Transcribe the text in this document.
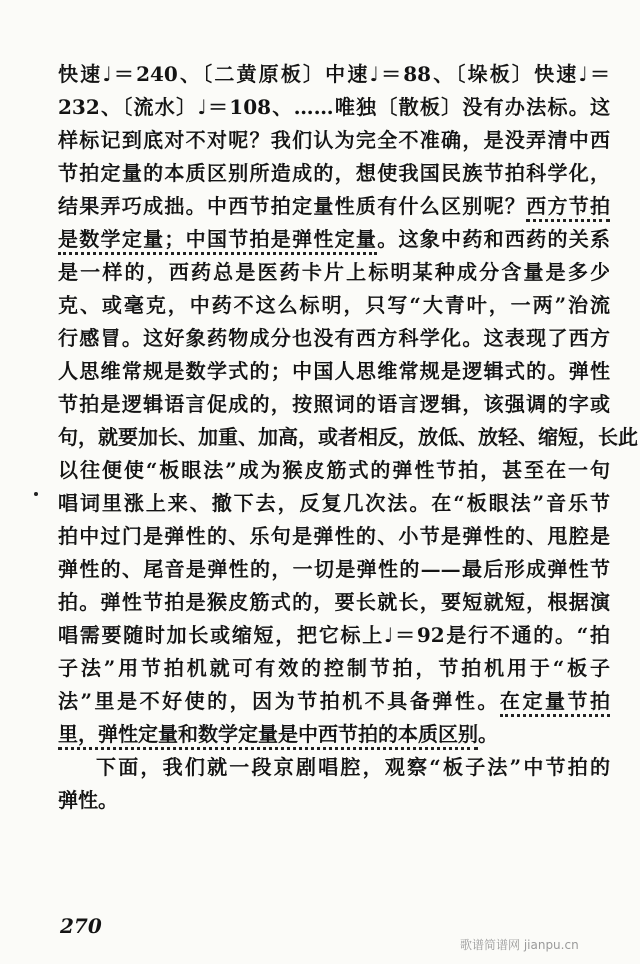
快速♩＝240、〔二黄原板〕中速♩＝88、〔垛板〕快速♩＝
232、〔流水〕♩＝108、……唯独〔散板〕没有办法标。这
样标记到底对不对呢？我们认为完全不准确，是没弄清中西
节拍定量的本质区别所造成的，想使我国民族节拍科学化，
结果弄巧成拙。中西节拍定量性质有什么区别呢？西方节拍
是数学定量；中国节拍是弹性定量。这象中药和西药的关系
是一样的，西药总是医药卡片上标明某种成分含量是多少
克、或毫克，中药不这么标明，只写“大青叶，一两”治流
行感冒。这好象药物成分也没有西方科学化。这表现了西方
人思维常规是数学式的；中国人思维常规是逻辑式的。弹性
节拍是逻辑语言促成的，按照词的语言逻辑，该强调的字或
句，就要加长、加重、加高，或者相反，放低、放轻、缩短，长此
以往便使“板眼法”成为猴皮筋式的弹性节拍，甚至在一句
唱词里涨上来、撤下去，反复几次法。在“板眼法”音乐节
拍中过门是弹性的、乐句是弹性的、小节是弹性的、甩腔是
弹性的、尾音是弹性的，一切是弹性的——最后形成弹性节
拍。弹性节拍是猴皮筋式的，要长就长，要短就短，根据演
唱需要随时加长或缩短，把它标上♩＝92是行不通的。“拍
子法”用节拍机就可有效的控制节拍，节拍机用于“板子
法”里是不好使的，因为节拍机不具备弹性。在定量节拍
里，弹性定量和数学定量是中西节拍的本质区别。
下面，我们就一段京剧唱腔，观察“板子法”中节拍的
弹性。
270
歌谱简谱网 jianpu.cn
